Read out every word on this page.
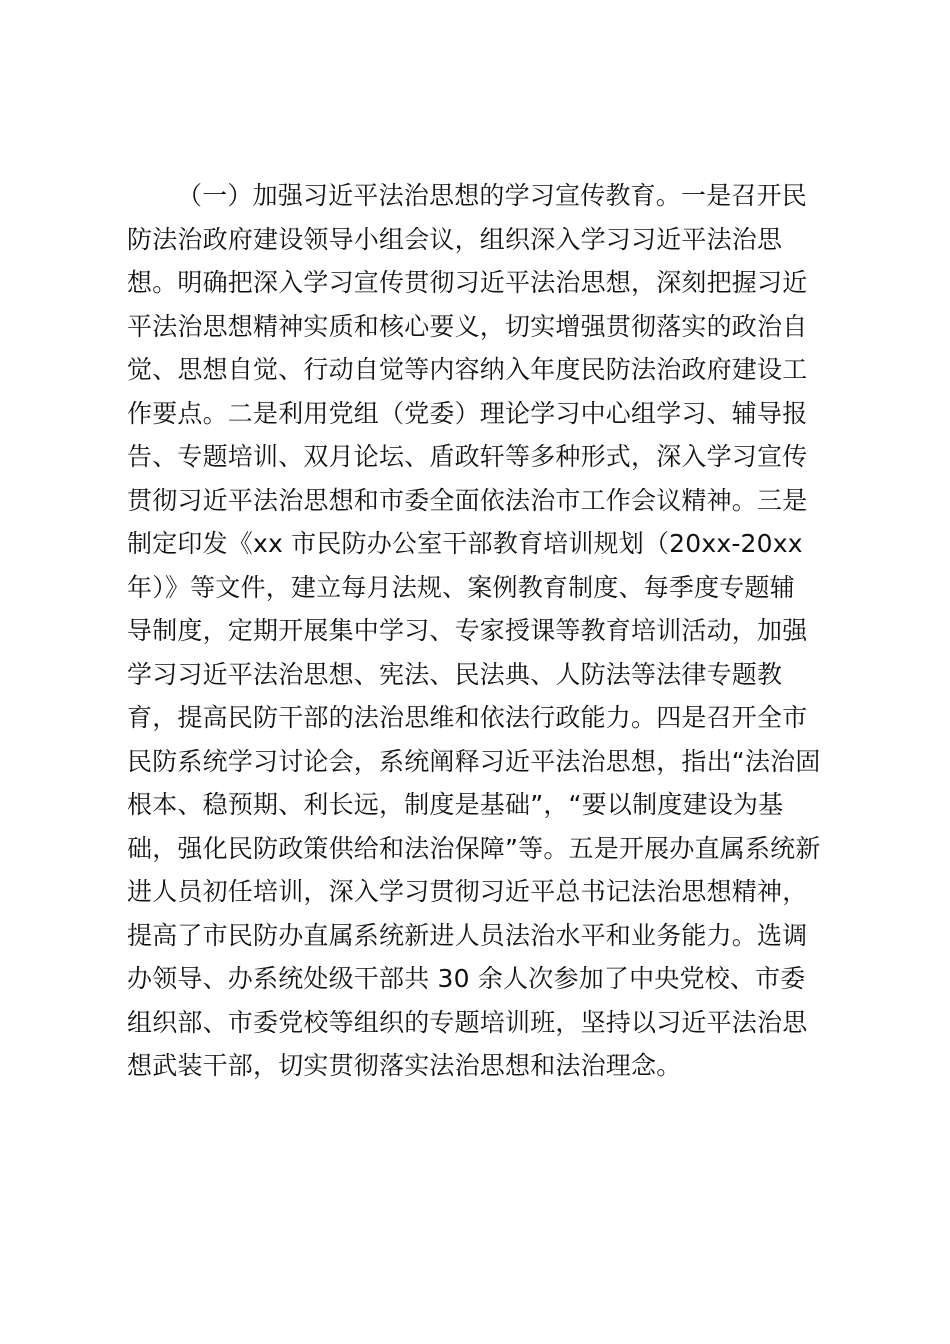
（一）加强习近平法治思想的学习宣传教育。一是召开民
防法治政府建设领导小组会议，组织深入学习习近平法治思
想。明确把深入学习宣传贯彻习近平法治思想，深刻把握习近
平法治思想精神实质和核心要义，切实增强贯彻落实的政治自
觉、思想自觉、行动自觉等内容纳入年度民防法治政府建设工
作要点。二是利用党组（党委）理论学习中心组学习、辅导报
告、专题培训、双月论坛、盾政轩等多种形式，深入学习宣传
贯彻习近平法治思想和市委全面依法治市工作会议精神。三是
制定印发《xx 市民防办公室干部教育培训规划（20xx-20xx
年）》等文件，建立每月法规、案例教育制度、每季度专题辅
导制度，定期开展集中学习、专家授课等教育培训活动，加强
学习习近平法治思想、宪法、民法典、人防法等法律专题教
育，提高民防干部的法治思维和依法行政能力。四是召开全市
民防系统学习讨论会，系统阐释习近平法治思想，指出“法治固
根本、稳预期、利长远，制度是基础”，“要以制度建设为基
础，强化民防政策供给和法治保障”等。五是开展办直属系统新
进人员初任培训，深入学习贯彻习近平总书记法治思想精神，
提高了市民防办直属系统新进人员法治水平和业务能力。选调
办领导、办系统处级干部共 30 余人次参加了中央党校、市委
组织部、市委党校等组织的专题培训班，坚持以习近平法治思
想武装干部，切实贯彻落实法治思想和法治理念。
